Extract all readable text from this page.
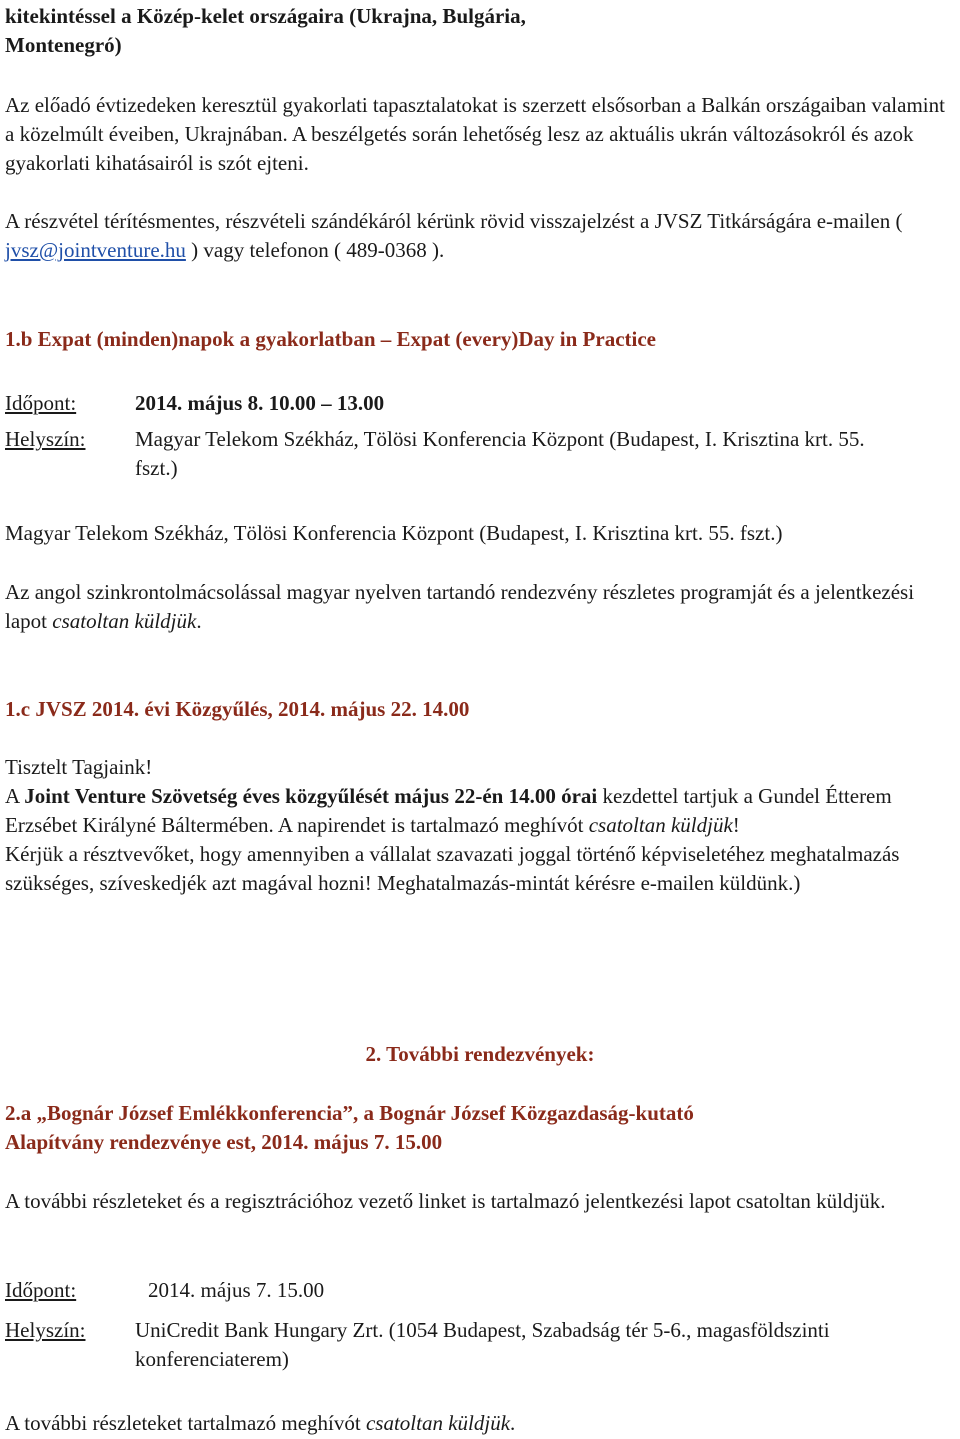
kitekintéssel a Közép-kelet országaira (Ukrajna, Bulgária,
Montenegró)

Az előadó évtizedeken keresztül gyakorlati tapasztalatokat is szerzett elsősorban a Balkán országaiban valamint a közelmúlt éveiben, Ukrajnában. A beszélgetés során lehetőség lesz az aktuális ukrán változásokról és azok gyakorlati kihatásairól is szót ejteni.

A részvétel térítésmentes, részvételi szándékáról kérünk rövid visszajelzést a JVSZ Titkárságára e-mailen ( jvsz@jointventure.hu ) vagy telefonon ( 489-0368 ).

1.b Expat (minden)napok a gyakorlatban – Expat (every)Day in Practice
Időpont:	2014. május 8. 10.00 – 13.00
Helyszín: Magyar Telekom Székház, Tölösi Konferencia Központ (Budapest, I. Krisztina krt. 55. fszt.)
Magyar Telekom Székház, Tölösi Konferencia Központ (Budapest, I. Krisztina krt. 55. fszt.)

Az angol szinkrontolmácsolással magyar nyelven tartandó rendezvény részletes programját és a jelentkezési lapot csatoltan küldjük.

1.c JVSZ 2014. évi Közgyűlés, 2014. május 22. 14.00
Tisztelt Tagjaink!
A Joint Venture Szövetség éves közgyűlését május 22-én 14.00 órai kezdettel tartjuk a Gundel Étterem Erzsébet Királyné Báltermében. A napirendet is tartalmazó meghívót csatoltan küldjük!
Kérjük a résztvevőket, hogy amennyiben a vállalat szavazati joggal történő képviseletéhez meghatalmazás szükséges, szíveskedjék azt magával hozni! Meghatalmazás-mintát kérésre e-mailen küldünk.)
2. További rendezvények:
2.a „Bognár József Emlékkonferencia”, a Bognár József Közgazdaság-kutató
Alapítvány rendezvénye est, 2014. május 7. 15.00

A további részleteket és a regisztrációhoz vezető linket is tartalmazó jelentkezési lapot csatoltan küldjük.

Időpont:	2014. május 7. 15.00
Helyszín: UniCredit Bank Hungary Zrt. (1054 Budapest, Szabadság tér 5-6., magasföldszinti konferenciaterem)

A további részleteket tartalmazó meghívót csatoltan küldjük.
